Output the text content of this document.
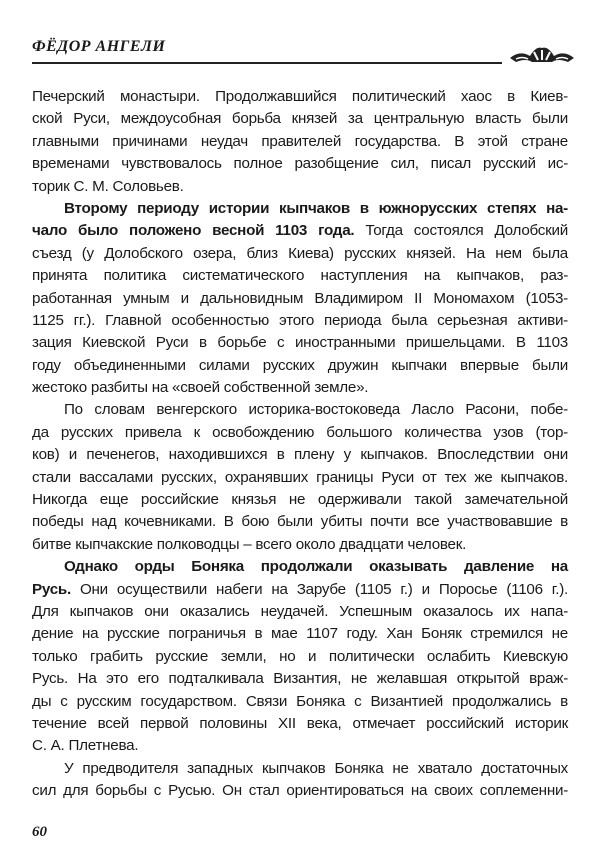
ФЁДОР АНГЕЛИ
Печерский монастыри. Продолжавшийся политический хаос в Киев-
ской Руси, междоусобная борьба князей за центральную власть были
главными причинами неудач правителей государства. В этой стране
временами чувствовалось полное разобщение сил, писал русский ис-
торик С. М. Соловьев.
Второму периоду истории кыпчаков в южнорусских степях на-
чало было положено весной 1103 года. Тогда состоялся Долобский
съезд (у Долобского озера, близ Киева) русских князей. На нем была
принята политика систематического наступления на кыпчаков, раз-
работанная умным и дальновидным Владимиром II Мономахом (1053-
1125 гг.). Главной особенностью этого периода была серьезная активи-
зация Киевской Руси в борьбе с иностранными пришельцами. В 1103
году объединенными силами русских дружин кыпчаки впервые были
жестоко разбиты на «своей собственной земле».
По словам венгерского историка-востоковеда Ласло Расони, побе-
да русских привела к освобождению большого количества узов (тор-
ков) и печенегов, находившихся в плену у кыпчаков. Впоследствии они
стали вассалами русских, охранявших границы Руси от тех же кыпчаков.
Никогда еще российские князья не одерживали такой замечательной
победы над кочевниками. В бою были убиты почти все участвовавшие в
битве кыпчакские полководцы – всего около двадцати человек.
Однако орды Боняка продолжали оказывать давление на
Русь. Они осуществили набеги на Зарубе (1105 г.) и Поросье (1106 г.).
Для кыпчаков они оказались неудачей. Успешным оказалось их напа-
дение на русские пограничья в мае 1107 году. Хан Боняк стремился не
только грабить русские земли, но и политически ослабить Киевскую
Русь. На это его подталкивала Византия, не желавшая открытой враж-
ды с русским государством. Связи Боняка с Византией продолжались в
течение всей первой половины XII века, отмечает российский историк
С. А. Плетнева.
У предводителя западных кыпчаков Боняка не хватало достаточных
сил для борьбы с Русью. Он стал ориентироваться на своих соплеменни-
60
